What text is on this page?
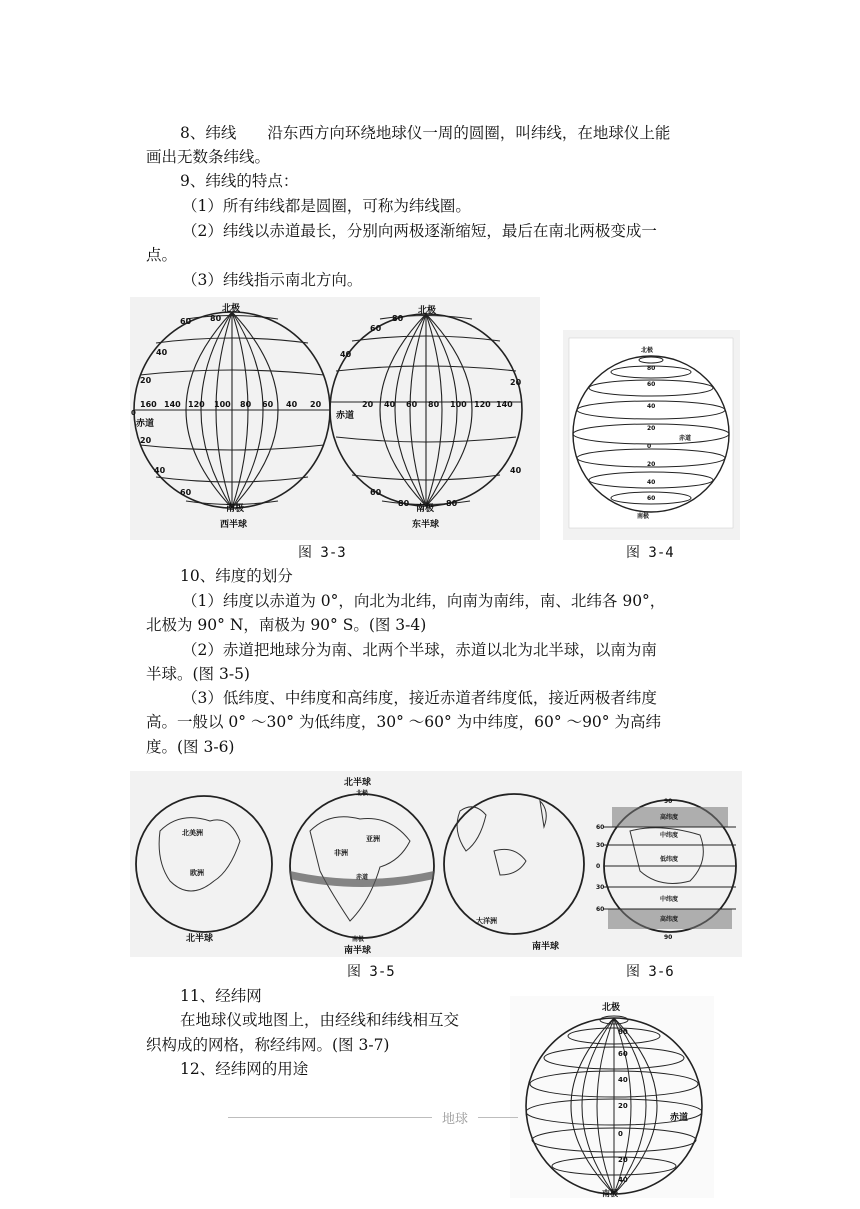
8、纬线　　沿东西方向环绕地球仪一周的圆圈，叫纬线，在地球仪上能
画出无数条纬线。
9、纬线的特点：
（1）所有纬线都是圆圈，可称为纬线圈。
（2）纬线以赤道最长，分别向两极逐渐缩短，最后在南北两极变成一
点。
（3）纬线指示南北方向。
北极	北极
赤道
赤道
南极	南极
西半球	东半球
0
60
40
20
20
40
60
80	80
60
40
20
40
60
80	80
160 140 120 100 80 60 40 20	20 40 60 80 100 120 140
北极
80
60
40
20
0
20
40
60
赤道
南极
图 3-3	图 3-4
10、纬度的划分
（1）纬度以赤道为 0°，向北为北纬，向南为南纬，南、北纬各 90°，
北极为 90° N，南极为 90° S。(图 3-4)
（2）赤道把地球分为南、北两个半球，赤道以北为北半球，以南为南
半球。(图 3-5)
（3）低纬度、中纬度和高纬度，接近赤道者纬度低，接近两极者纬度
高。一般以 0° ～30° 为低纬度，30° ～60° 为中纬度，60° ～90° 为高纬
度。(图 3-6)
北半球
北半球
北极
南半球
南极
赤道
南半球
北美洲
非洲
亚洲
大洋洲
欧洲
高纬度
中纬度
低纬度
中纬度
高纬度
90
60
30
0
30
60
90
图 3-5	图 3-6
11、经纬网
在地球仪或地图上，由经线和纬线相互交
织构成的网格，称经纬网。(图 3-7)
12、经纬网的用途
北极
南极
赤道
80
60
40
20
0
20
40
地球
